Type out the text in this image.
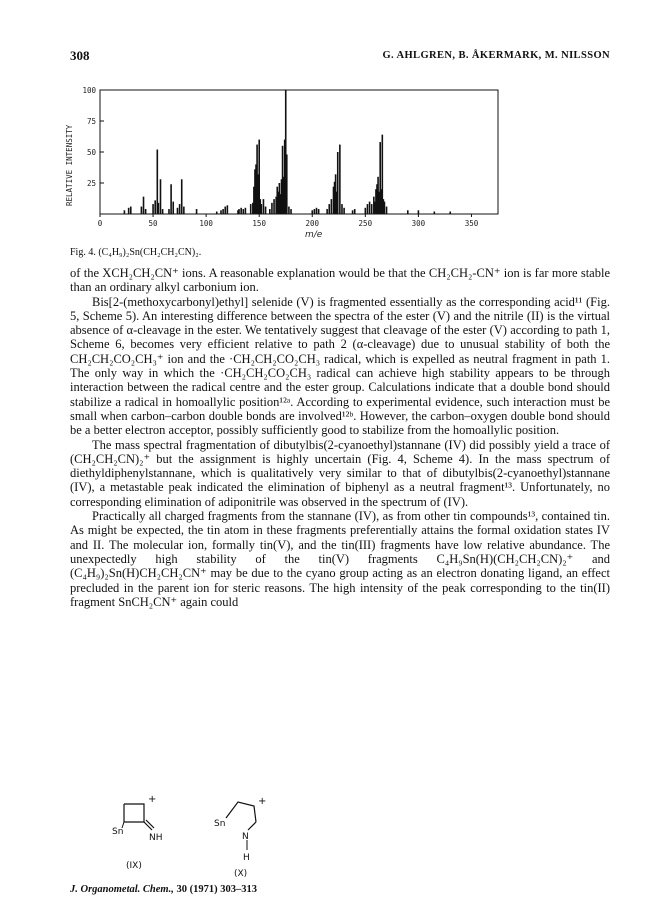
308	G. AHLGREN, B. ÅKERMARK, M. NILSSON
0	50	100	150	200	250	300	350
25
50
75
100
RELATIVE INTENSITY
m/e
Fig. 4. (C₄H₉)₂Sn(CH₂CH₂CN)₂.

of the XCH₂CH₂CN⁺ ions. A reasonable explanation would be that the CH₂CH₂-CN⁺ ion is far more stable than an ordinary alkyl carbonium ion.

Bis[2-(methoxycarbonyl)ethyl] selenide (V) is fragmented essentially as the corresponding acid¹¹ (Fig. 5, Scheme 5). An interesting difference between the spectra of the ester (V) and the nitrile (II) is the virtual absence of α-cleavage in the ester. We tentatively suggest that cleavage of the ester (V) according to path 1, Scheme 6, becomes very efficient relative to path 2 (α-cleavage) due to unusual stability of both the CH₂CH₂CO₂CH₃⁺ ion and the ·CH₂CH₂CO₂CH₃ radical, which is expelled as neutral fragment in path 1. The only way in which the ·CH₂CH₂CO₂CH₃ radical can achieve high stability appears to be through interaction between the radical centre and the ester group. Calculations indicate that a double bond should stabilize a radical in homoallylic position¹²ᵃ. According to experimental evidence, such interaction must be small when carbon–carbon double bonds are involved¹²ᵇ. However, the carbon–oxygen double bond should be a better electron acceptor, possibly sufficiently good to stabilize from the homoallylic position.

The mass spectral fragmentation of dibutylbis(2-cyanoethyl)stannane (IV) did possibly yield a trace of (CH₂CH₂CN)₂⁺ but the assignment is highly uncertain (Fig. 4, Scheme 4). In the mass spectrum of diethyldiphenylstannane, which is qualitatively very similar to that of dibutylbis(2-cyanoethyl)stannane (IV), a metastable peak indicated the elimination of biphenyl as a neutral fragment¹³. Unfortunately, no corresponding elimination of adiponitrile was observed in the spectrum of (IV).

Practically all charged fragments from the stannane (IV), as from other tin compounds¹³, contained tin. As might be expected, the tin atom in these fragments preferentially attains the formal oxidation states IV and II. The molecular ion, formally tin(V), and the tin(III) fragments have low relative abundance. The unexpectedly high stability of the tin(V) fragments C₄H₉Sn(H)(CH₂CH₂CN)₂⁺ and (C₄H₉)₂Sn(H)CH₂CH₂CN⁺ may be due to the cyano group acting as an electron donating ligand, an effect precluded in the parent ion for steric reasons. The high intensity of the peak corresponding to the tin(II) fragment SnCH₂CN⁺ again could

Sn
NH
+
(IX)
Sn
N
H
+
(X)
J. Organometal. Chem., 30 (1971) 303–313
